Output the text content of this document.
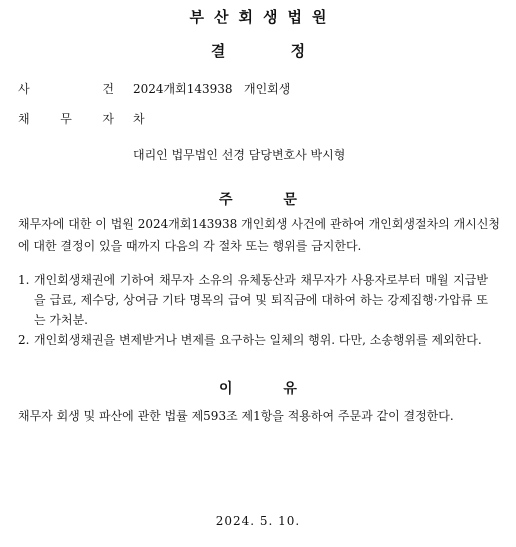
부산회생법원
결 정
사	건 2024개회143938   개인회생
채	무	자 차
대리인 법무법인 선경 담당변호사 박시형
주 문
채무자에 대한 이 법원 2024개회143938 개인회생 사건에 관하여 개인회생절차의 개시신청에 대한 결정이 있을 때까지 다음의 각 절차 또는 행위를 금지한다.
1. 개인회생채권에 기하여 채무자 소유의 유체동산과 채무자가 사용자로부터 매월 지급받을 급료, 제수당, 상여금 기타 명목의 급여 및 퇴직금에 대하여 하는 강제집행·가압류 또는 가처분.
2. 개인회생채권을 변제받거나 변제를 요구하는 일체의 행위. 다만, 소송행위를 제외한다.
이 유
채무자 회생 및 파산에 관한 법률 제593조 제1항을 적용하여 주문과 같이 결정한다.
2024. 5. 10.
